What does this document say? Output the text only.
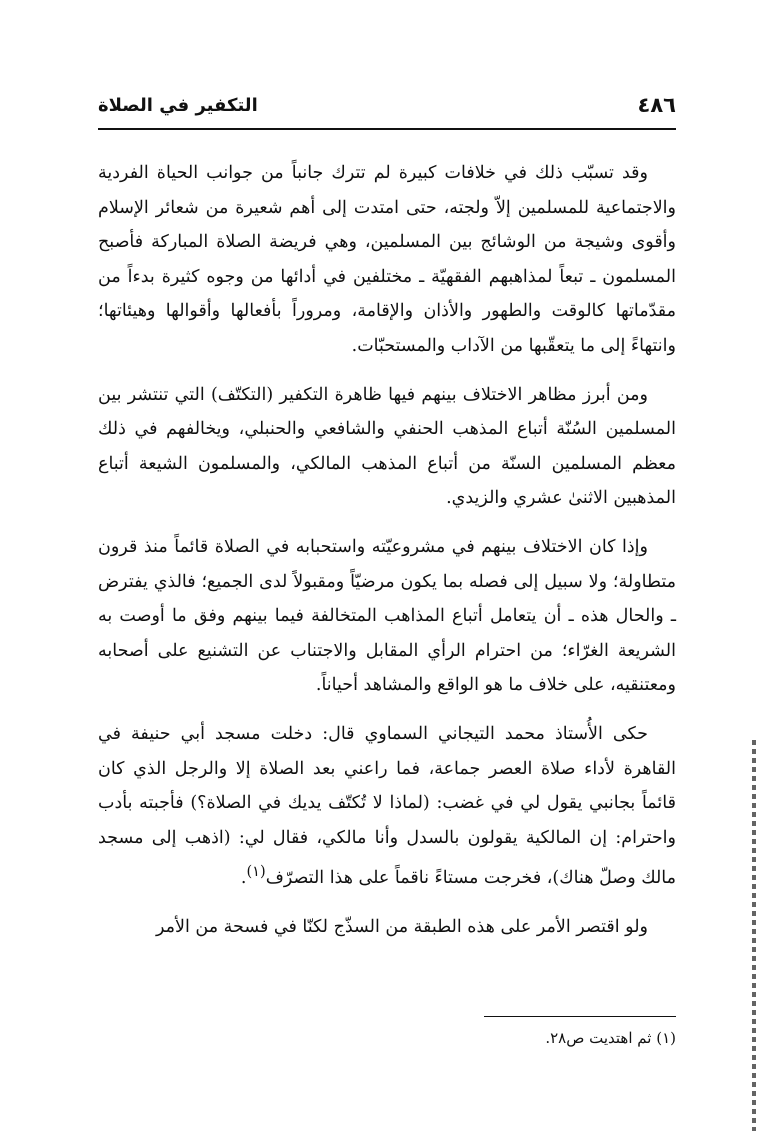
٤٨٦
التكفير في الصلاة

وقد تسبّب ذلك في خلافات كبيرة لم تترك جانباً من جوانب الحياة الفردية والاجتماعية للمسلمين إلاّ ولجته، حتى امتدت إلى أهم شعيرة من شعائر الإسلام وأقوى وشيجة من الوشائج بين المسلمين، وهي فريضة الصلاة المباركة فأصبح المسلمون ـ تبعاً لمذاهبهم الفقهيّة ـ مختلفين في أدائها من وجوه كثيرة بدءاً من مقدّماتها كالوقت والطهور والأذان والإقامة، ومروراً بأفعالها وأقوالها وهيئاتها؛ وانتهاءً إلى ما يتعقّبها من الآداب والمستحبّات.

ومن أبرز مظاهر الاختلاف بينهم فيها ظاهرة التكفير (التكتّف) التي تنتشر بين المسلمين السُنّة أتباع المذهب الحنفي والشافعي والحنبلي، ويخالفهم في ذلك معظم المسلمين السنّة من أتباع المذهب المالكي، والمسلمون الشيعة أتباع المذهبين الاثنىٰ عشري والزيدي.

وإذا كان الاختلاف بينهم في مشروعيّته واستحبابه في الصلاة قائماً منذ قرون متطاولة؛ ولا سبيل إلى فصله بما يكون مرضيّاً ومقبولاً لدى الجميع؛ فالذي يفترض ـ والحال هذه ـ أن يتعامل أتباع المذاهب المتخالفة فيما بينهم وفق ما أوصت به الشريعة الغرّاء؛ من احترام الرأي المقابل والاجتناب عن التشنيع على أصحابه ومعتنقيه، على خلاف ما هو الواقع والمشاهد أحياناً.

حكى الأُستاذ محمد التيجاني السماوي قال: دخلت مسجد أبي حنيفة في القاهرة لأداء صلاة العصر جماعة، فما راعني بعد الصلاة إلا والرجل الذي كان قائماً بجانبي يقول لي في غضب: (لماذا لا تُكتّف يديك في الصلاة؟) فأجبته بأدب واحترام: إن المالكية يقولون بالسدل وأنا مالكي، فقال لي: (اذهب إلى مسجد مالك وصلّ هناك)، فخرجت مستاءً ناقماً على هذا التصرّف$^{(١)}$.

ولو اقتصر الأمر على هذه الطبقة من السذّج لكنّا في فسحة من الأمر

(١) ثم اهتديت ص٢٨.
